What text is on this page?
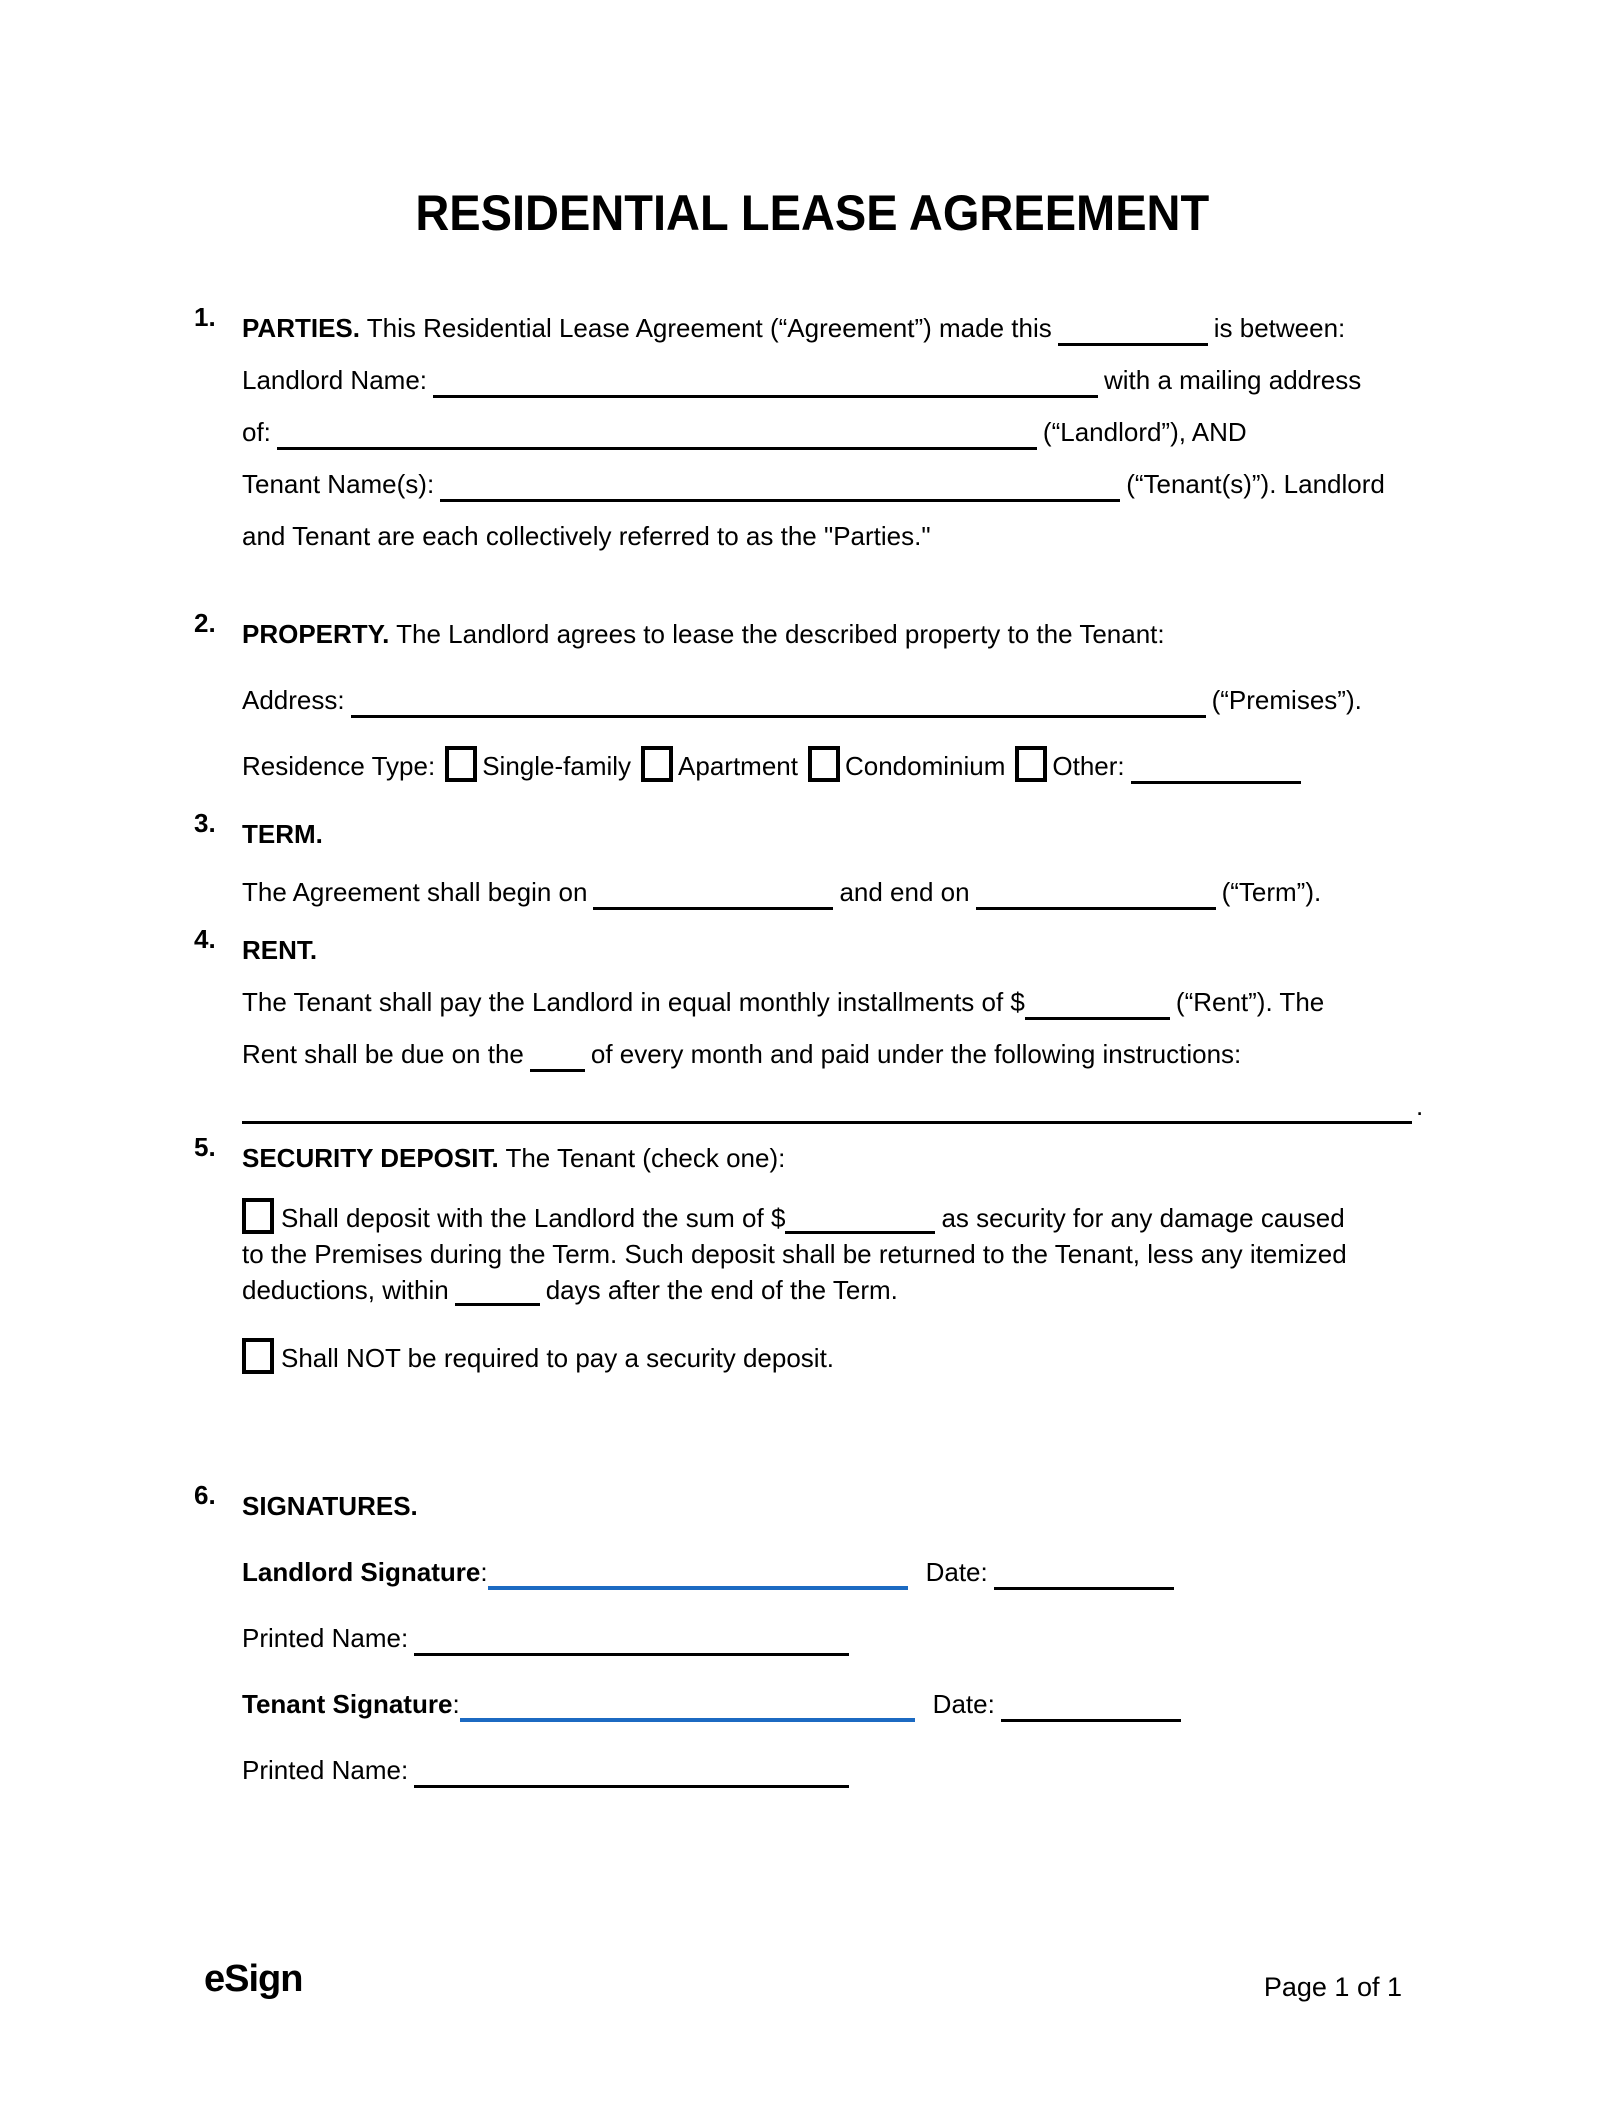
RESIDENTIAL LEASE AGREEMENT
1.	PARTIES. This Residential Lease Agreement (“Agreement”) made this	is between:

Landlord Name:	with a mailing address

of:	(“Landlord”), AND

Tenant Name(s):	(“Tenant(s)”). Landlord

and Tenant are each collectively referred to as the "Parties."

2.	PROPERTY. The Landlord agrees to lease the described property to the Tenant:

Address:	(“Premises”).

Residence Type: Single-family Apartment Condominium Other:

3.	TERM.

The Agreement shall begin on	and end on	(“Term”).

4.	RENT.

The Tenant shall pay the Landlord in equal monthly installments of $	(“Rent”). The

Rent shall be due on the	of every month and paid under the following instructions:

.

5.	SECURITY DEPOSIT. The Tenant (check one):

Shall deposit with the Landlord the sum of $	as security for any damage caused

to the Premises during the Term. Such deposit shall be returned to the Tenant, less any itemized

deductions, within	days after the end of the Term.

Shall NOT be required to pay a security deposit.

6.	SIGNATURES.

Landlord Signature:	Date:

Printed Name:

Tenant Signature:	Date:

Printed Name:

eSign	Page 1 of 1
